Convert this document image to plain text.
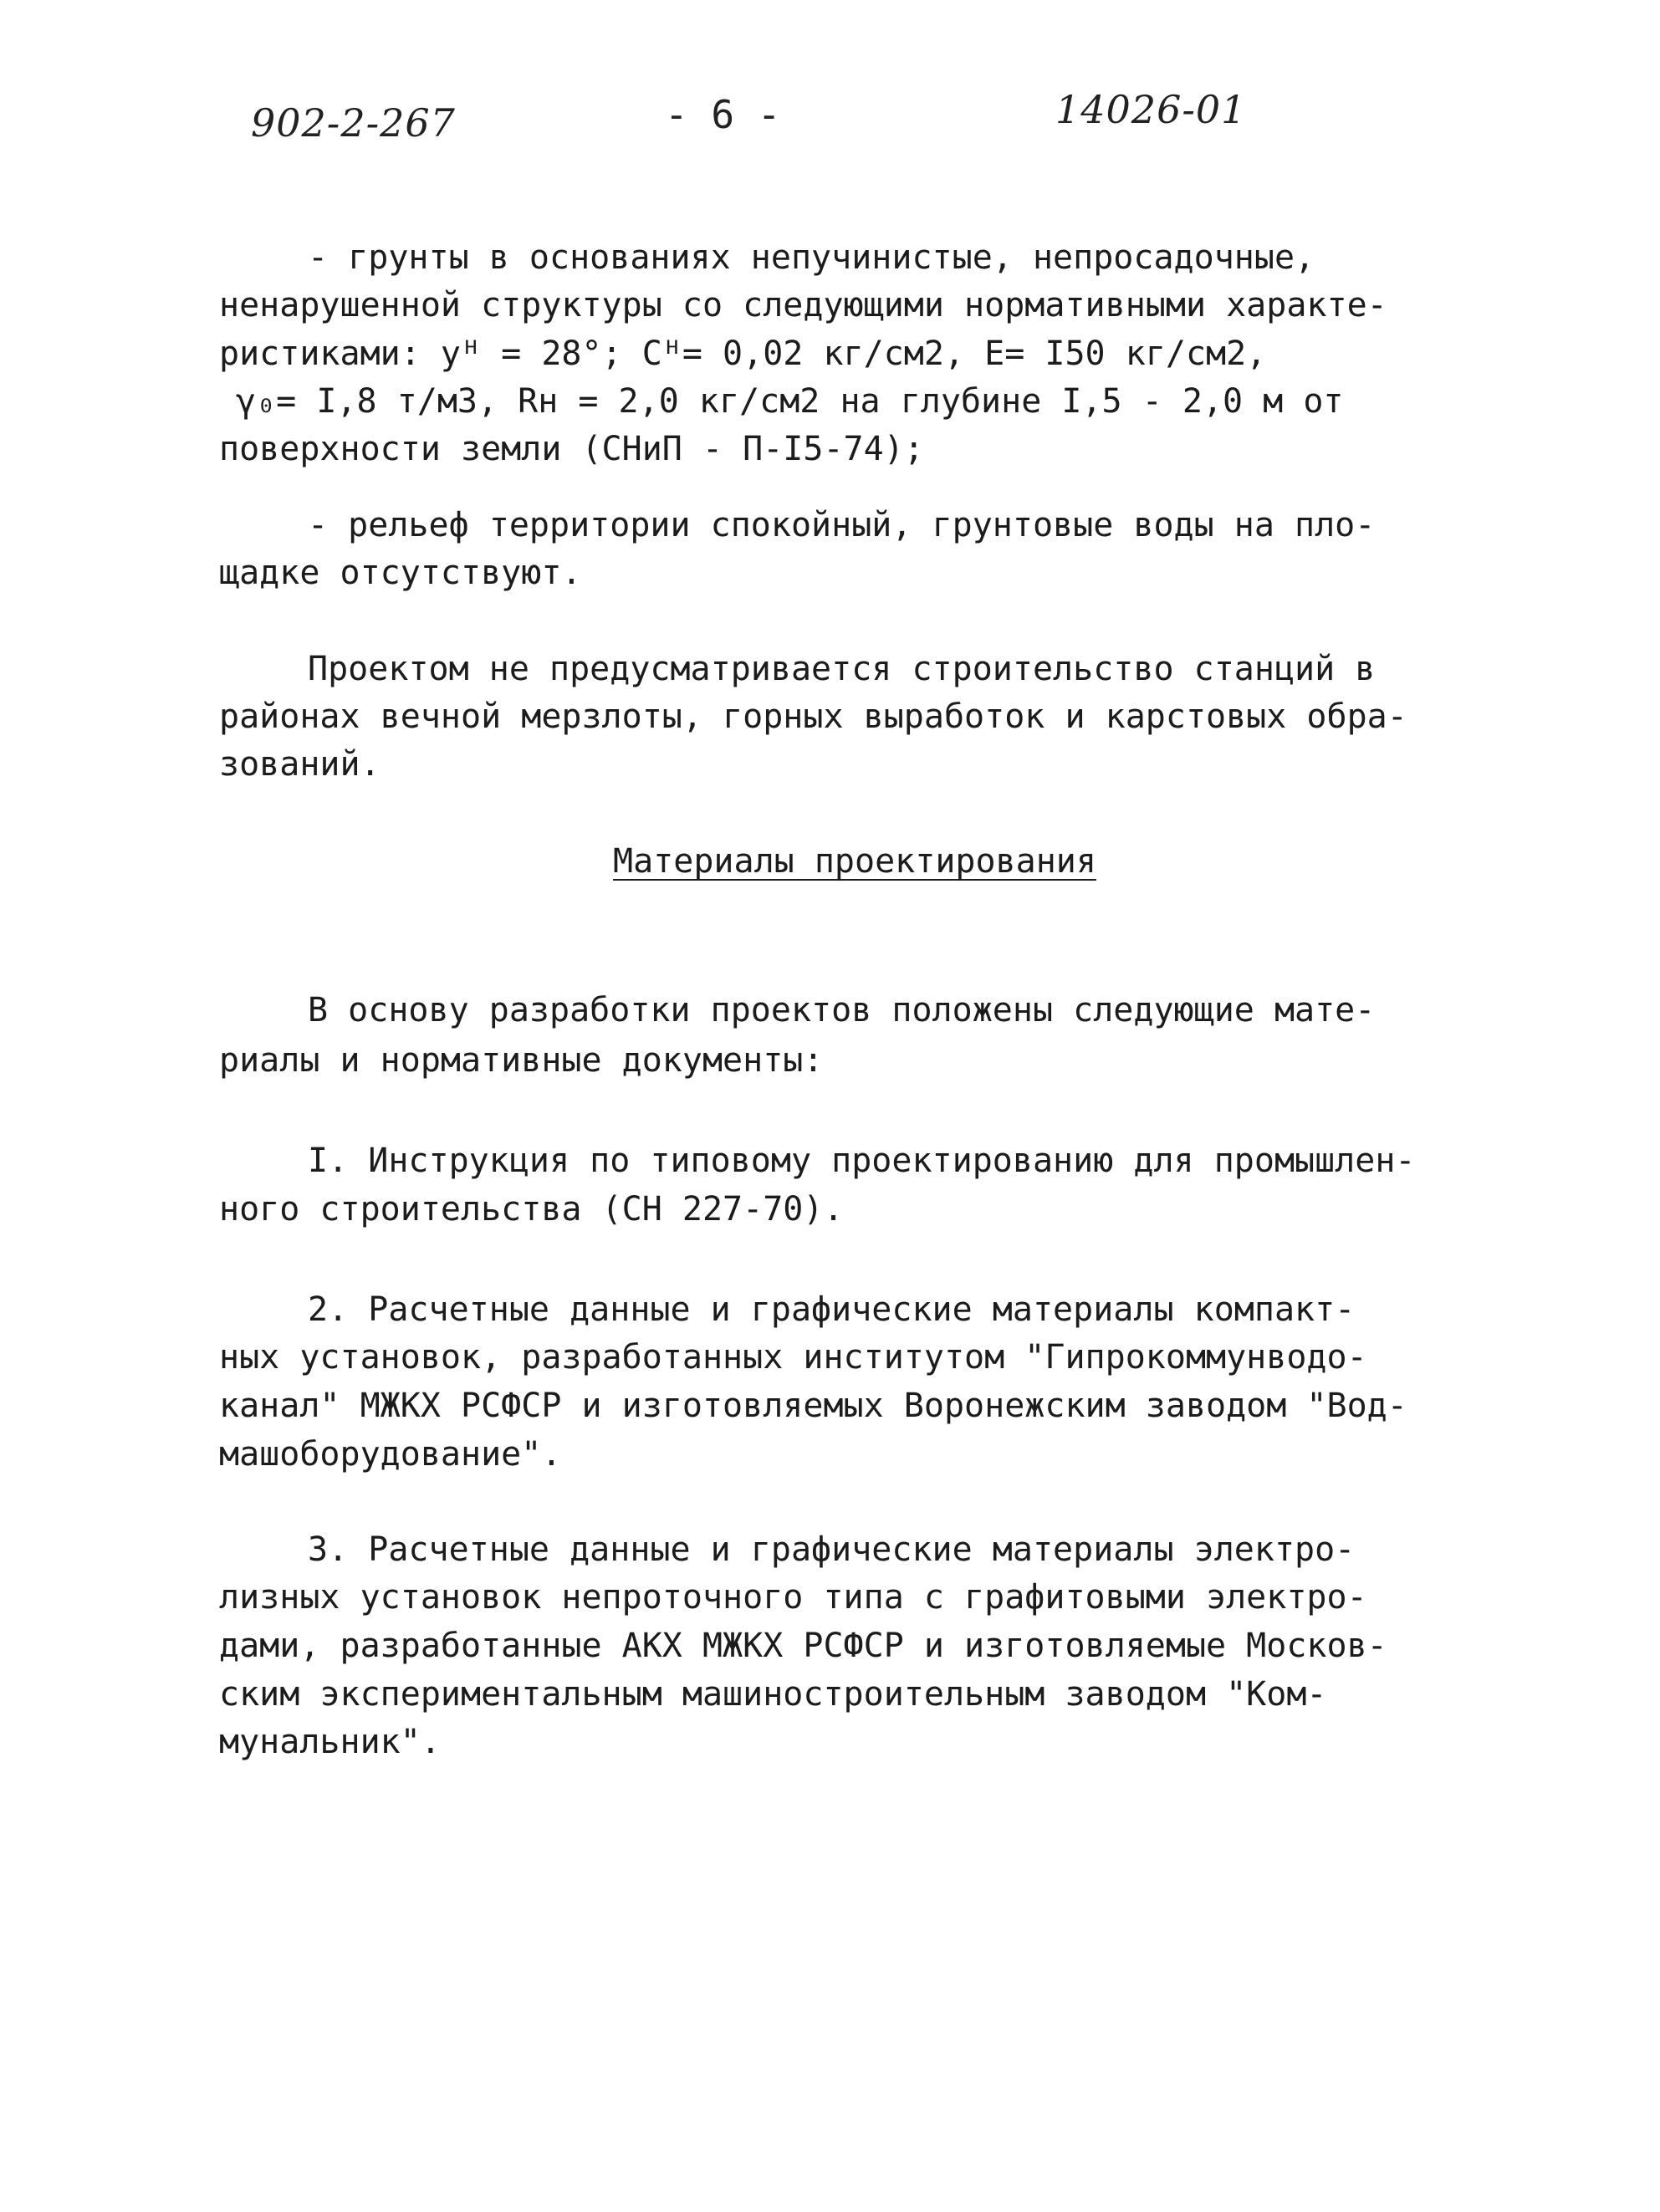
902-2-267	- 6 -	14026-01
- грунты в основаниях непучинистые, непросадочные,
ненарушенной структуры со следующими нормативными характе-
ристиками: уᴴ = 28°; Сᴴ= 0,02 кг/см2, Е= I50 кг/см2,
γ₀= I,8 т/м3, Rн = 2,0 кг/см2 на глубине I,5 - 2,0 м от
поверхности земли (СНиП - П-I5-74);
- рельеф территории спокойный, грунтовые воды на пло-
щадке отсутствуют.
Проектом не предусматривается строительство станций в
районах вечной мерзлоты, горных выработок и карстовых обра-
зований.
Материалы проектирования
В основу разработки проектов положены следующие мате-
риалы и нормативные документы:
I. Инструкция по типовому проектированию для промышлен-
ного строительства (СН 227-70).
2. Расчетные данные и графические материалы компакт-
ных установок, разработанных институтом "Гипрокоммунводо-
канал" МЖКХ РСФСР и изготовляемых Воронежским заводом "Вод-
машоборудование".
3. Расчетные данные и графические материалы электро-
лизных установок непроточного типа с графитовыми электро-
дами, разработанные АКХ МЖКХ РСФСР и изготовляемые Москов-
ским экспериментальным машиностроительным заводом "Ком-
мунальник".
